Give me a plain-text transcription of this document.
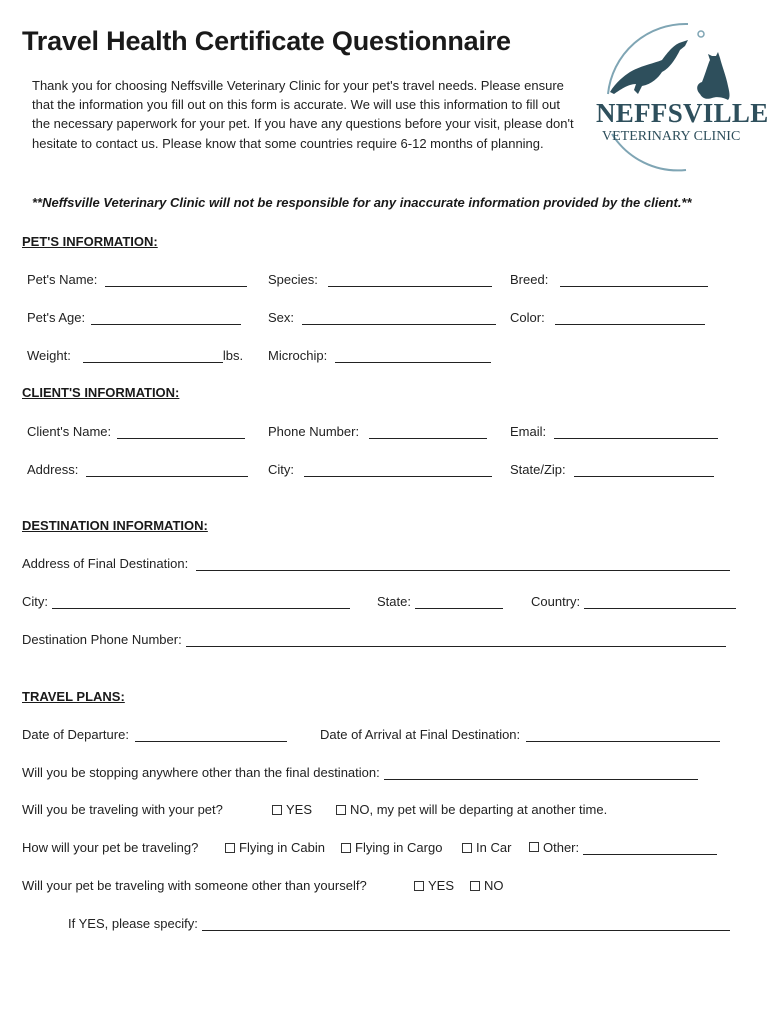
Travel Health Certificate Questionnaire
Thank you for choosing Neffsville Veterinary Clinic for your pet's travel needs. Please ensure that the information you fill out on this form is accurate. We will use this information to fill out the necessary paperwork for your pet. If you have any questions before your visit, please don't hesitate to contact us. Please know that some countries require 6-12 months of planning.
NEFFSVILLE
VETERINARY CLINIC
**Neffsville Veterinary Clinic will not be responsible for any inaccurate information provided by the client.**
PET'S INFORMATION:
Pet's Name:	Species:	Breed:
Pet's Age:	Sex:	Color:
Weight:	lbs. Microchip:
CLIENT'S INFORMATION:
Client's Name:	Phone Number:	Email:
Address:	City:	State/Zip:
DESTINATION INFORMATION:
Address of Final Destination:
City:	State:	Country:
Destination Phone Number:
TRAVEL PLANS:
Date of Departure:	Date of Arrival at Final Destination:
Will you be stopping anywhere other than the final destination:
Will you be traveling with your pet?	YES	NO, my pet will be departing at another time.
How will your pet be traveling?	Flying in Cabin	Flying in Cargo	In Car Other:
Will your pet be traveling with someone other than yourself?	YES	NO
If YES, please specify:
